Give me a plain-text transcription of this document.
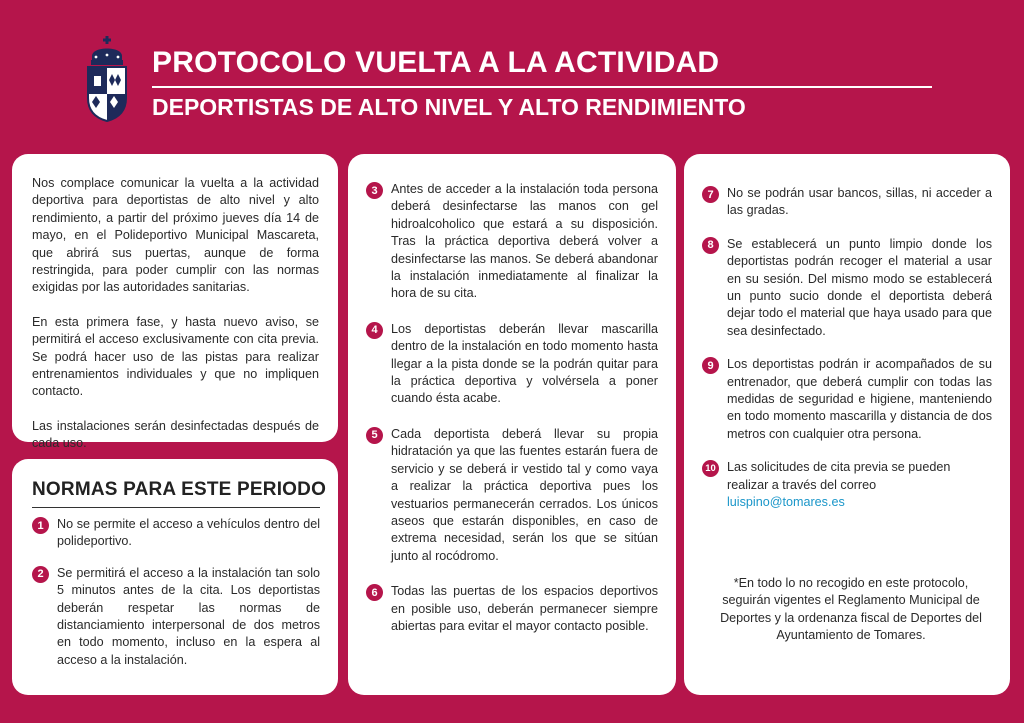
PROTOCOLO VUELTA A LA ACTIVIDAD
DEPORTISTAS DE ALTO NIVEL Y ALTO RENDIMIENTO

Nos complace comunicar la vuelta a la actividad deportiva para deportistas de alto nivel y alto rendimiento, a partir del próximo jueves día 14 de mayo, en el Polideportivo Municipal Mascareta, que abrirá sus puertas, aunque de forma restringida, para poder cumplir con las normas exigidas por las autoridades sanitarias.

En esta primera fase, y hasta nuevo aviso, se permitirá el acceso exclusivamente con cita previa. Se podrá hacer uso de las pistas para realizar entrenamientos individuales y que no impliquen contacto.

Las instalaciones serán desinfectadas después de cada uso.

NORMAS PARA ESTE PERIODO
1	No se permite el acceso a vehículos dentro del polideportivo.

2	Se permitirá el acceso a la instalación tan solo 5 minutos antes de la cita. Los deportistas deberán respetar las normas de distanciamiento interpersonal de dos metros en todo momento, incluso en la espera al acceso a la instalación.

3	Antes de acceder a la instalación toda persona deberá desinfectarse las manos con gel hidroalcoholico que estará a su disposición. Tras la práctica deportiva deberá volver a desinfectarse las manos. Se deberá abandonar la instalación inmediatamente al finalizar la hora de su cita.

4	Los deportistas deberán llevar mascarilla dentro de la instalación en todo momento hasta llegar a la pista donde se la podrán quitar para la práctica deportiva y volvérsela a poner cuando ésta acabe.

5	Cada deportista deberá llevar su propia hidratación ya que las fuentes estarán fuera de servicio y se deberá ir vestido tal y como vaya a realizar la práctica deportiva pues los vestuarios permanecerán cerrados. Los únicos aseos que estarán disponibles, en caso de extrema necesidad, serán los que se sitúan junto al rocódromo.

6	Todas las puertas de los espacios deportivos en posible uso, deberán permanecer siempre abiertas para evitar el mayor contacto posible.

7	No se podrán usar bancos, sillas, ni acceder a las gradas.

8	Se establecerá un punto limpio donde los deportistas podrán recoger el material a usar en su sesión. Del mismo modo se establecerá un punto sucio donde el deportista deberá dejar todo el material que haya usado para que sea desinfectado.

9	Los deportistas podrán ir acompañados de su entrenador, que deberá cumplir con todas las medidas de seguridad e higiene, manteniendo en todo momento mascarilla y distancia de dos metros con cualquier otra persona.

10 Las solicitudes de cita previa se pueden realizar a través del correo luispino@tomares.es

*En todo lo no recogido en este protocolo, seguirán vigentes el Reglamento Municipal de Deportes y la ordenanza fiscal de Deportes del Ayuntamiento de Tomares.
